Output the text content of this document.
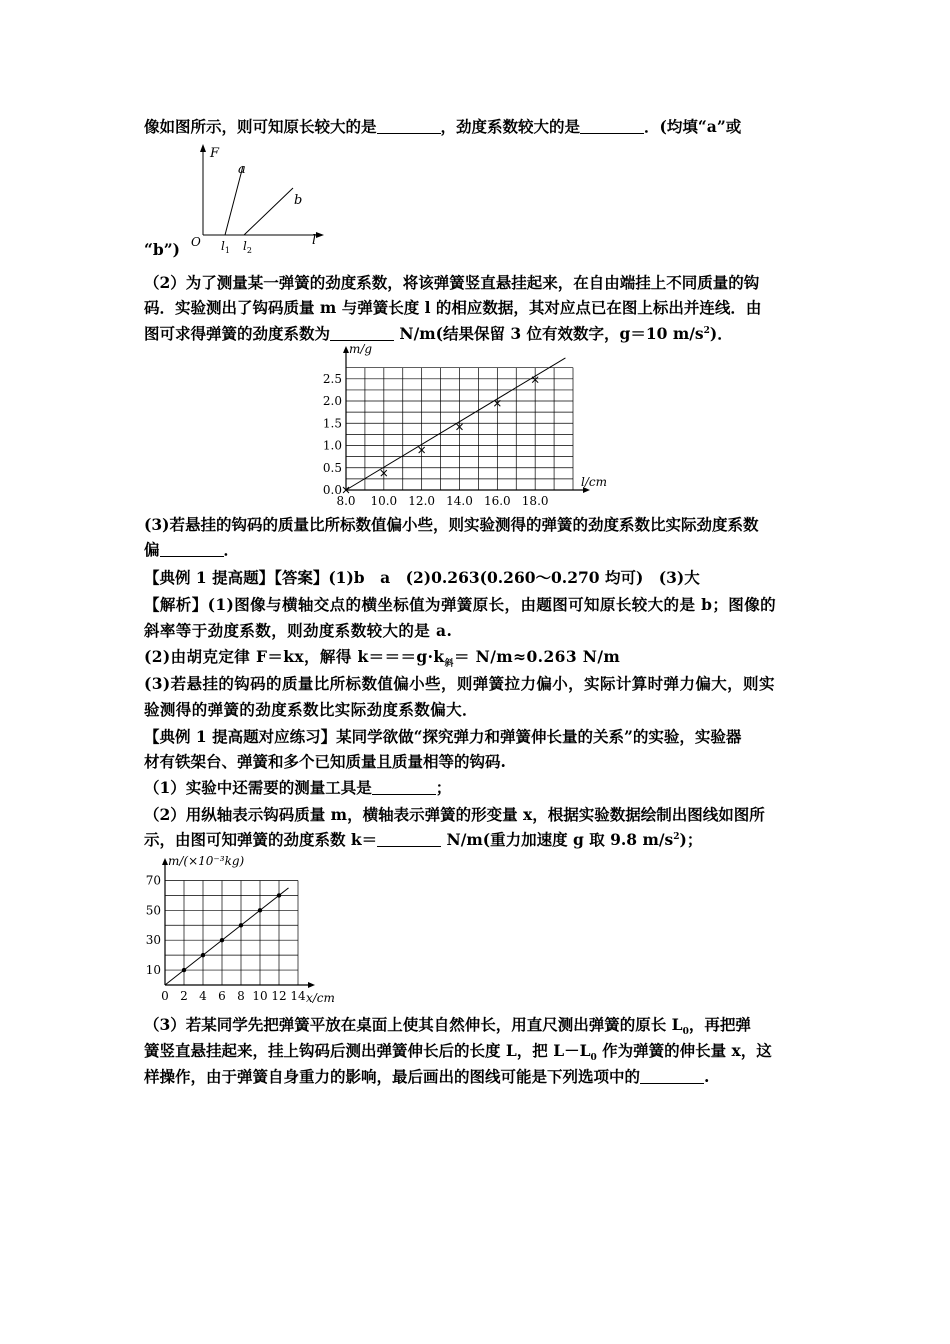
像如图所示，则可知原长较大的是	，劲度系数较大的是	．(均填“a”或
F
l
O
a
b
$l_1$ $l_2$
“b”)
（2）为了测量某一弹簧的劲度系数，将该弹簧竖直悬挂起来，在自由端挂上不同质量的钩
码．实验测出了钩码质量 m 与弹簧长度 l 的相应数据，其对应点已在图上标出并连线．由
图可求得弹簧的劲度系数为	N/m(结果保留 3 位有效数字，g＝10 $m/s^2$)．
8.0 10.0 12.0 14.0 16.0 18.0
0.0
0.5
1.0
1.5
2.0
2.5
m/g
l/cm
(3)若悬挂的钩码的质量比所标数值偏小些，则实验测得的弹簧的劲度系数比实际劲度系数
偏	．
【典例 1 提高题】【答案】(1)b　a　(2)0.263(0.260～0.270 均可)　(3)大
【解析】(1)图像与横轴交点的横坐标值为弹簧原长，由题图可知原长较大的是 b；图像的
斜率等于劲度系数，则劲度系数较大的是 a.
(2)由胡克定律 F＝kx，解得 $k===g\cdot k_斜= N/m\approx 0.263$ N/m
(3)若悬挂的钩码的质量比所标数值偏小些，则弹簧拉力偏小，实际计算时弹力偏大，则实
验测得的弹簧的劲度系数比实际劲度系数偏大．
【典例 1 提高题对应练习】某同学欲做“探究弹力和弹簧伸长量的关系”的实验，实验器
材有铁架台、弹簧和多个已知质量且质量相等的钩码.
（1）实验中还需要的测量工具是	；
（2）用纵轴表示钩码质量 m，横轴表示弹簧的形变量 x，根据实验数据绘制出图线如图所
示，由图可知弹簧的劲度系数 k＝	N/m(重力加速度 g 取 9.8 $m/s^2$)；
0 2 4 6 8 10 12 14
10
30
50
70
m/(×10⁻³kg)
x/cm
（3）若某同学先把弹簧平放在桌面上使其自然伸长，用直尺测出弹簧的原长 $L_0$，再把弹
簧竖直悬挂起来，挂上钩码后测出弹簧伸长后的长度 L，把 $L-L_0$ 作为弹簧的伸长量 x，这
样操作，由于弹簧自身重力的影响，最后画出的图线可能是下列选项中的	.
